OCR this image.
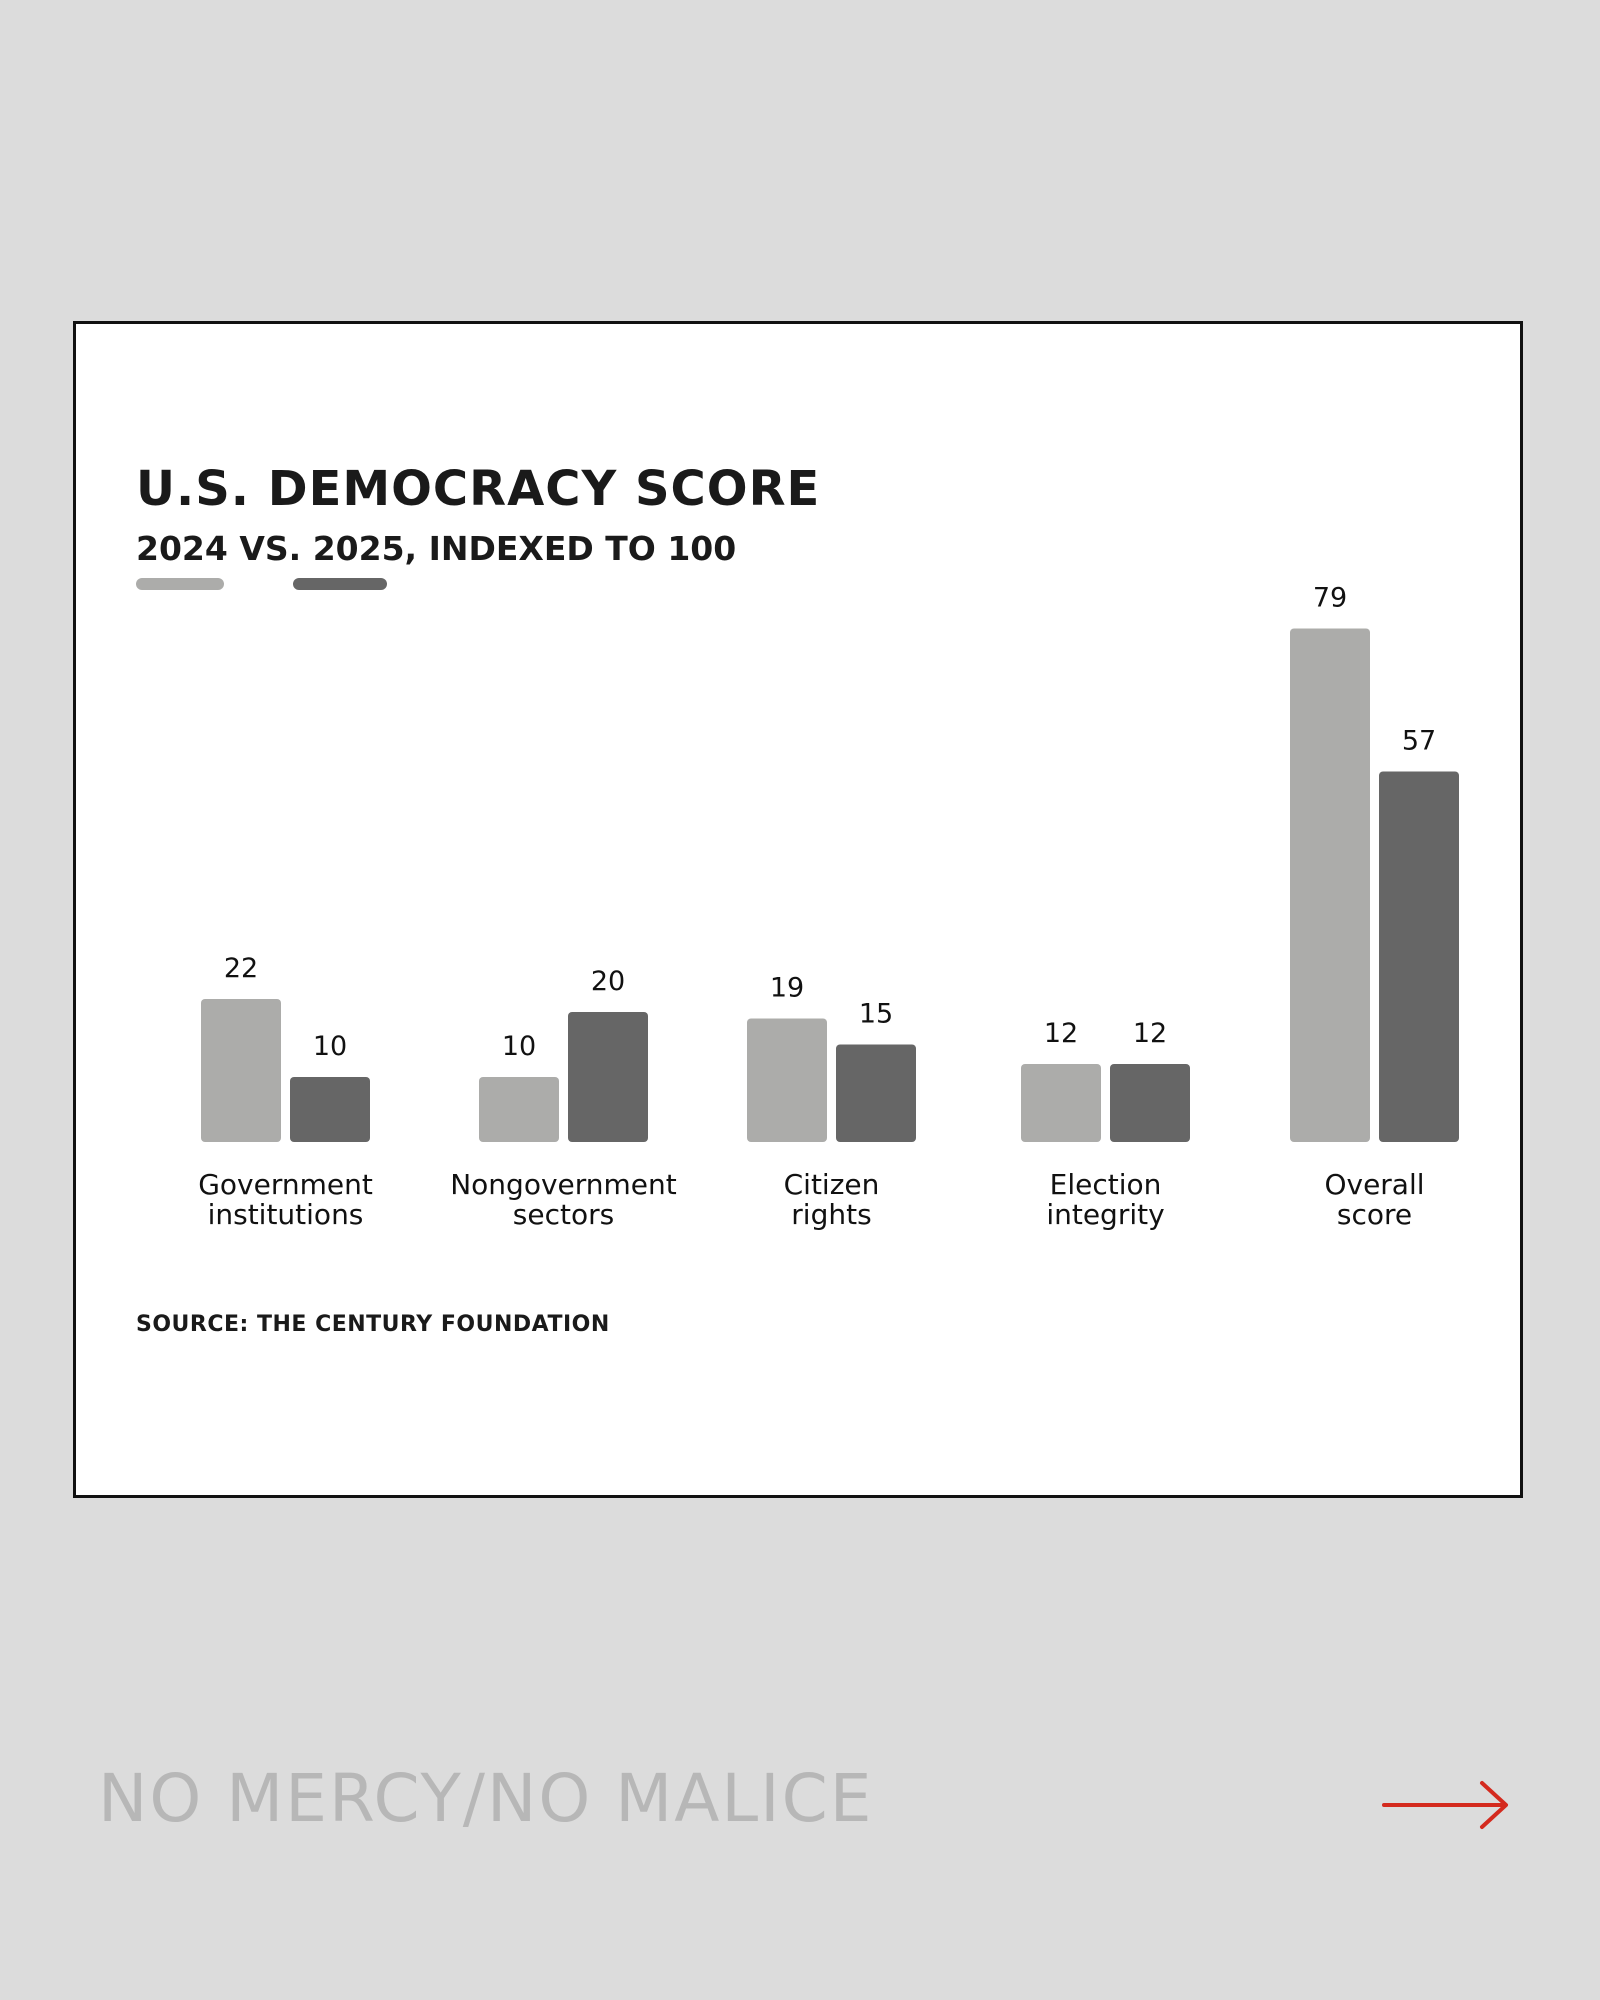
U.S. DEMOCRACY SCORE
2024 VS. 2025, INDEXED TO 100
22
10
Government institutions
10
20
Nongovernment sectors
19
15
Citizen rights
12 12
Election integrity
79
57
Overall score
SOURCE: THE CENTURY FOUNDATION
NO MERCY/NO MALICE
